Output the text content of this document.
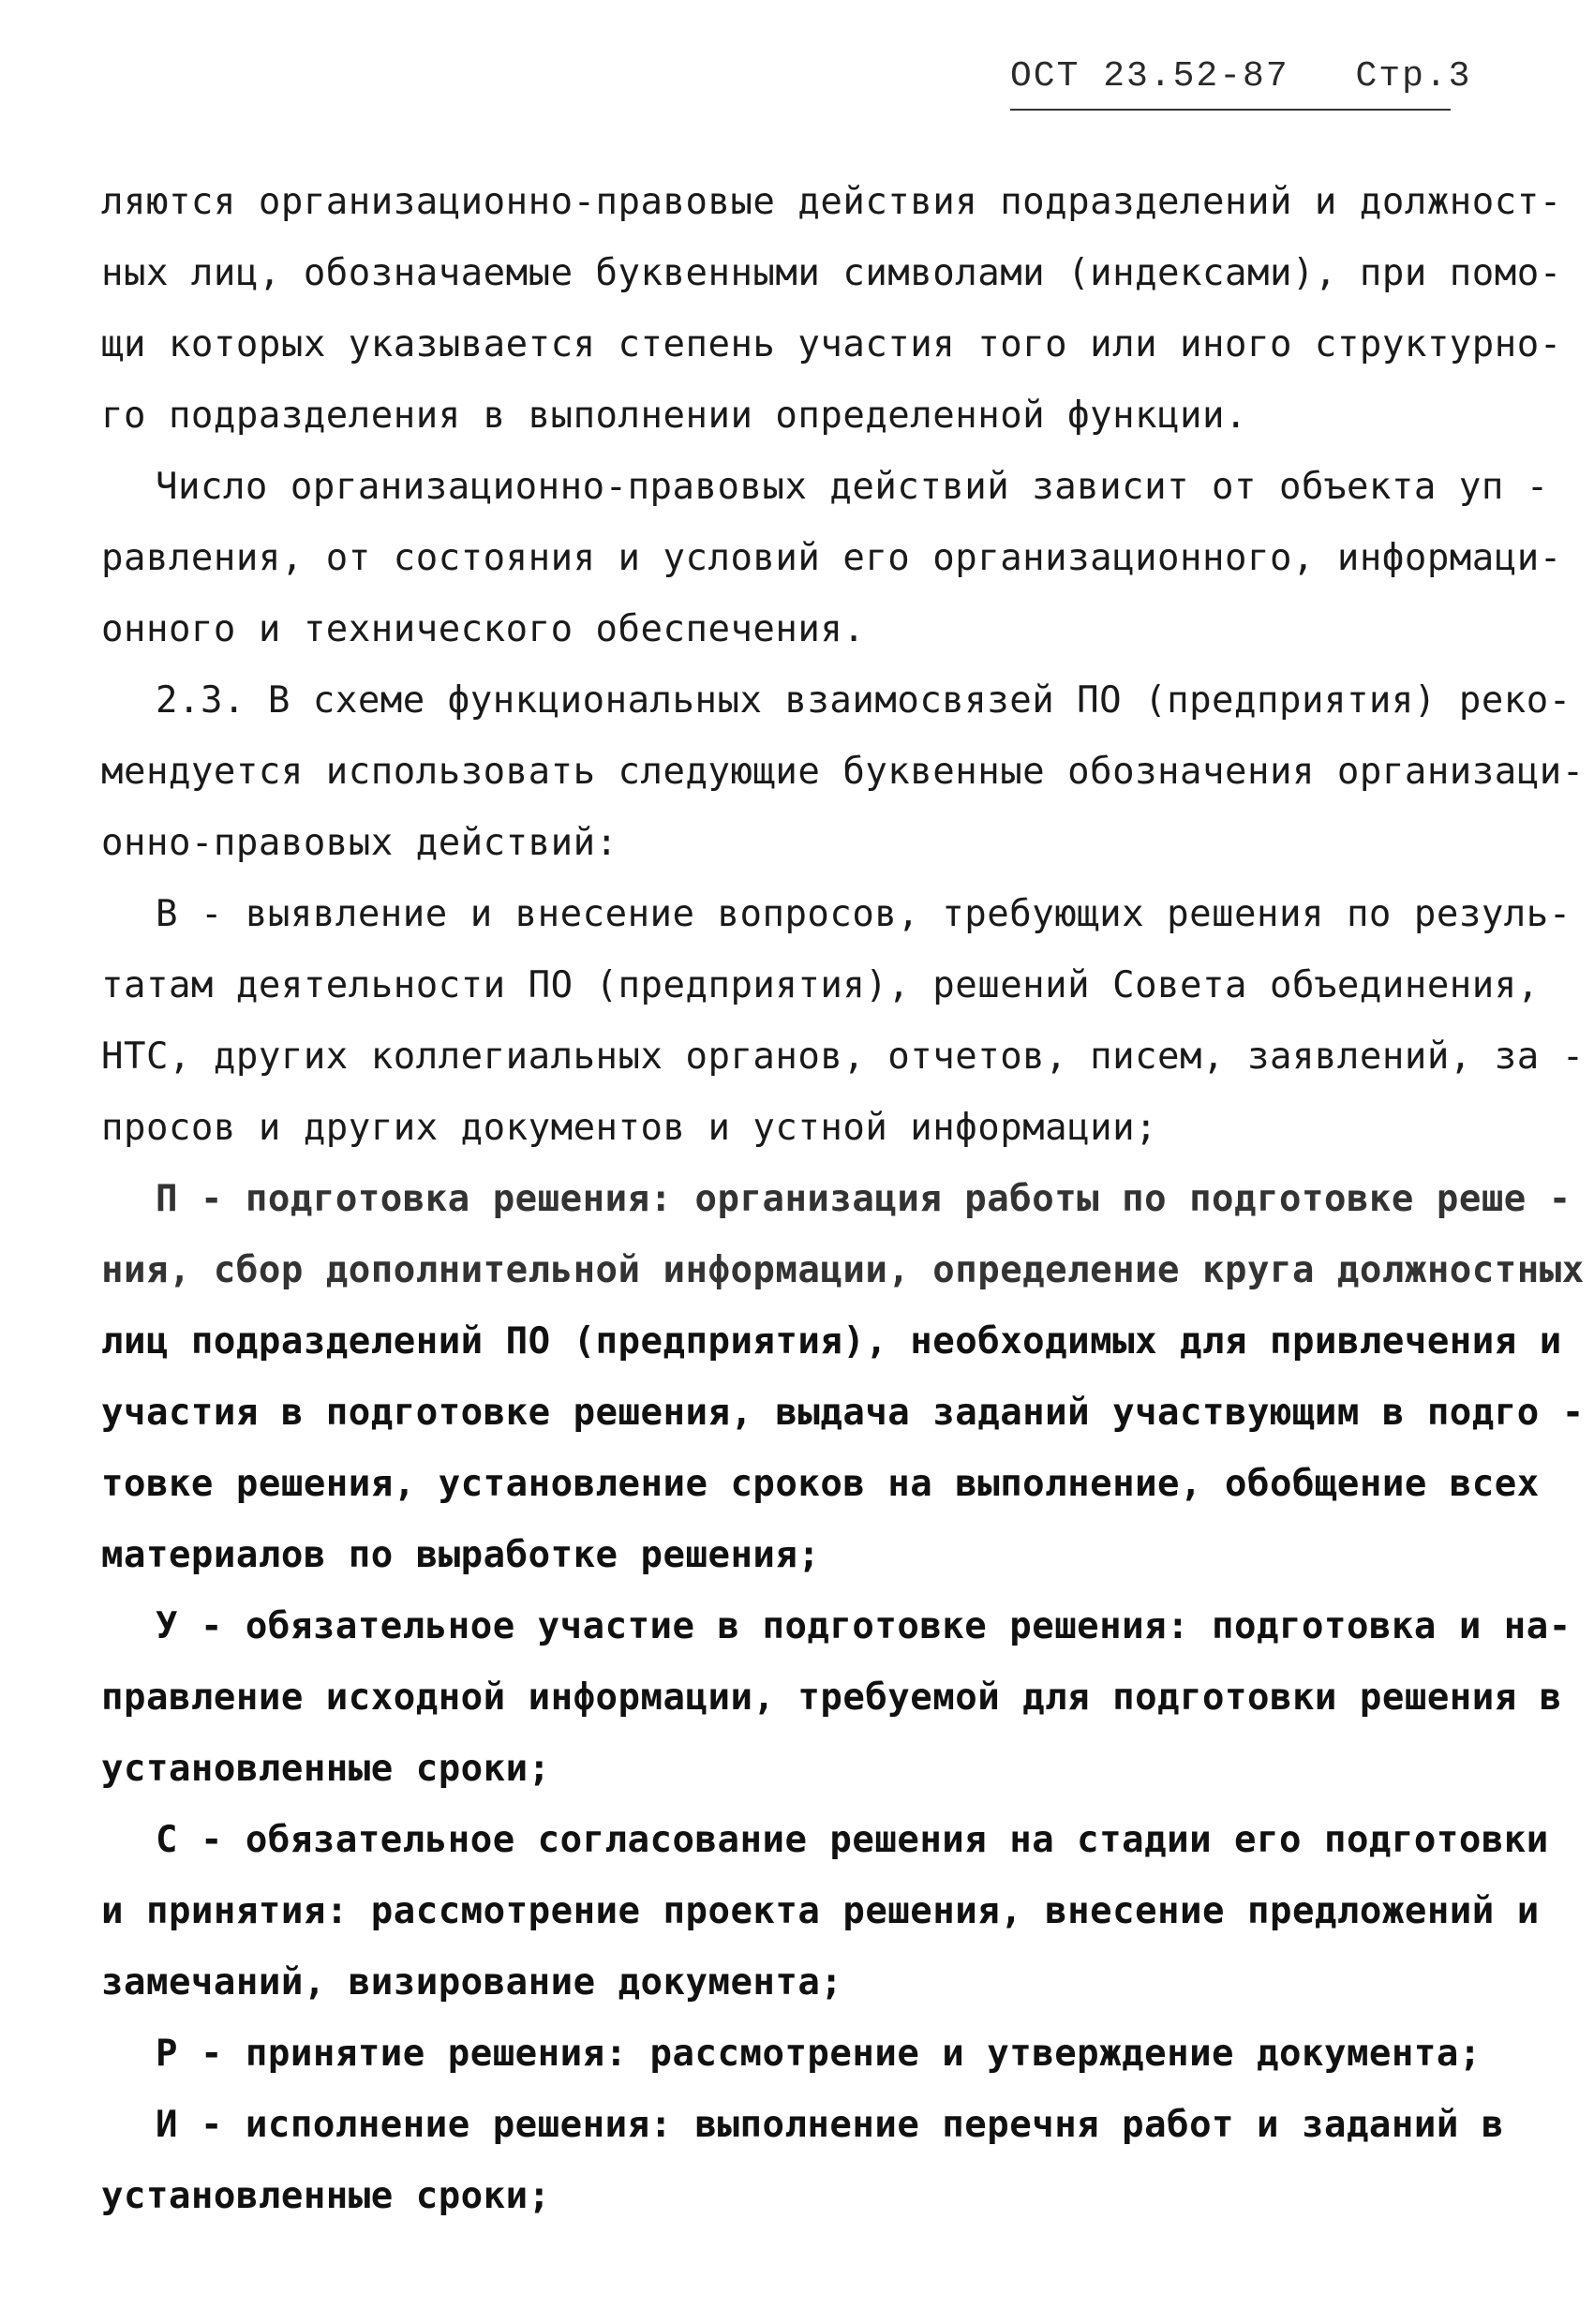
ОСТ 23.52-87 Стр.3
ляются организационно-правовые действия подразделений и должност-
ных лиц, обозначаемые буквенными символами (индексами), при помо-
щи которых указывается степень участия того или иного структурно-
го подразделения в выполнении определенной функции.
Число организационно-правовых действий зависит от объекта уп -
равления, от состояния и условий его организационного, информаци-
онного и технического обеспечения.
2.3. В схеме функциональных взаимосвязей ПО (предприятия) реко-
мендуется использовать следующие буквенные обозначения организаци-
онно-правовых действий:
В - выявление и внесение вопросов, требующих решения по резуль-
татам деятельности ПО (предприятия), решений Совета объединения,
НТС, других коллегиальных органов, отчетов, писем, заявлений, за -
просов и других документов и устной информации;
П - подготовка решения: организация работы по подготовке реше -
ния, сбор дополнительной информации, определение круга должностных
лиц подразделений ПО (предприятия), необходимых для привлечения и
участия в подготовке решения, выдача заданий участвующим в подго -
товке решения, установление сроков на выполнение, обобщение всех
материалов по выработке решения;
У - обязательное участие в подготовке решения: подготовка и на-
правление исходной информации, требуемой для подготовки решения в
установленные сроки;
С - обязательное согласование решения на стадии его подготовки
и принятия: рассмотрение проекта решения, внесение предложений и
замечаний, визирование документа;
Р - принятие решения: рассмотрение и утверждение документа;
И - исполнение решения: выполнение перечня работ и заданий в
установленные сроки;
